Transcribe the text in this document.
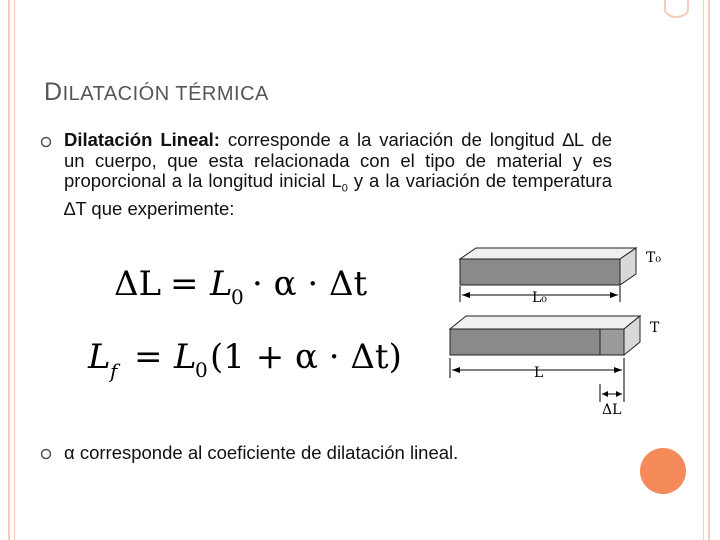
DILATACIÓN TÉRMICA
Dilatación Lineal: corresponde a la variación de longitud ∆L de un cuerpo, que esta relacionada con el tipo de material y es proporcional a la longitud inicial $L_0$ y a la variación de temperatura ∆T que experimente:
ΔL = L
0 · α · Δt
L f = L
0 (1 + α · Δt)
T₀
L₀
T
L
ΔL
α corresponde al coeficiente de dilatación lineal.
